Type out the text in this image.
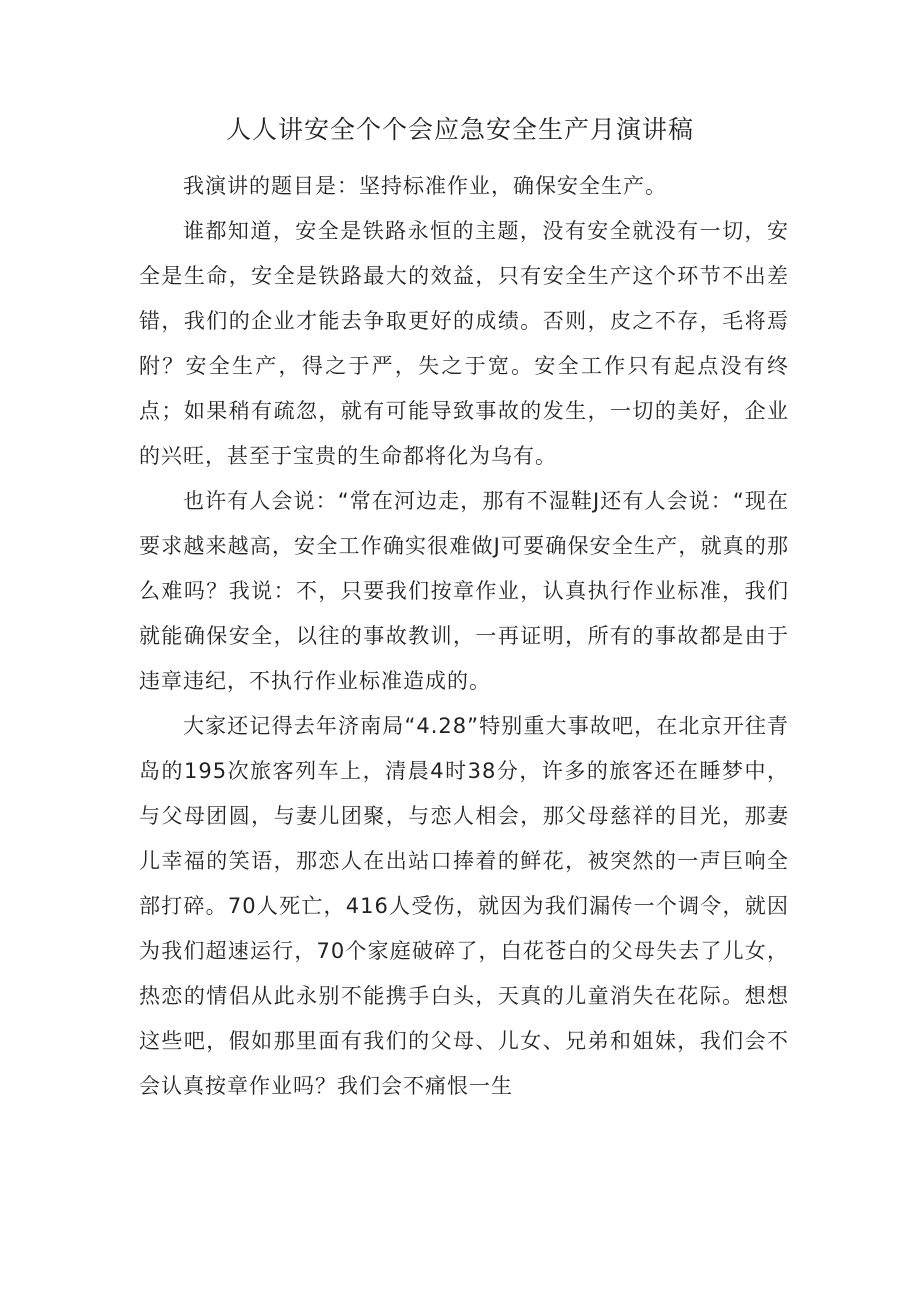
人人讲安全个个会应急安全生产月演讲稿

我演讲的题目是：坚持标准作业，确保安全生产。

谁都知道，安全是铁路永恒的主题，没有安全就没有一切，安全是生命，安全是铁路最大的效益，只有安全生产这个环节不出差错，我们的企业才能去争取更好的成绩。否则，皮之不存，毛将焉附？安全生产，得之于严，失之于宽。安全工作只有起点没有终点；如果稍有疏忽，就有可能导致事故的发生，一切的美好，企业的兴旺，甚至于宝贵的生命都将化为乌有。

也许有人会说：“常在河边走，那有不湿鞋J还有人会说：“现在要求越来越高，安全工作确实很难做J可要确保安全生产，就真的那么难吗？我说：不，只要我们按章作业，认真执行作业标准，我们就能确保安全，以往的事故教训，一再证明，所有的事故都是由于违章违纪，不执行作业标准造成的。

大家还记得去年济南局“4.28”特别重大事故吧，在北京开往青岛的195次旅客列车上，清晨4时38分，许多的旅客还在睡梦中，与父母团圆，与妻儿团聚，与恋人相会，那父母慈祥的目光，那妻儿幸福的笑语，那恋人在出站口捧着的鲜花，被突然的一声巨响全部打碎。70人死亡，416人受伤，就因为我们漏传一个调令，就因为我们超速运行，70个家庭破碎了，白花苍白的父母失去了儿女，热恋的情侣从此永别不能携手白头，天真的儿童消失在花际。想想这些吧，假如那里面有我们的父母、儿女、兄弟和姐妹，我们会不会认真按章作业吗？我们会不痛恨一生
